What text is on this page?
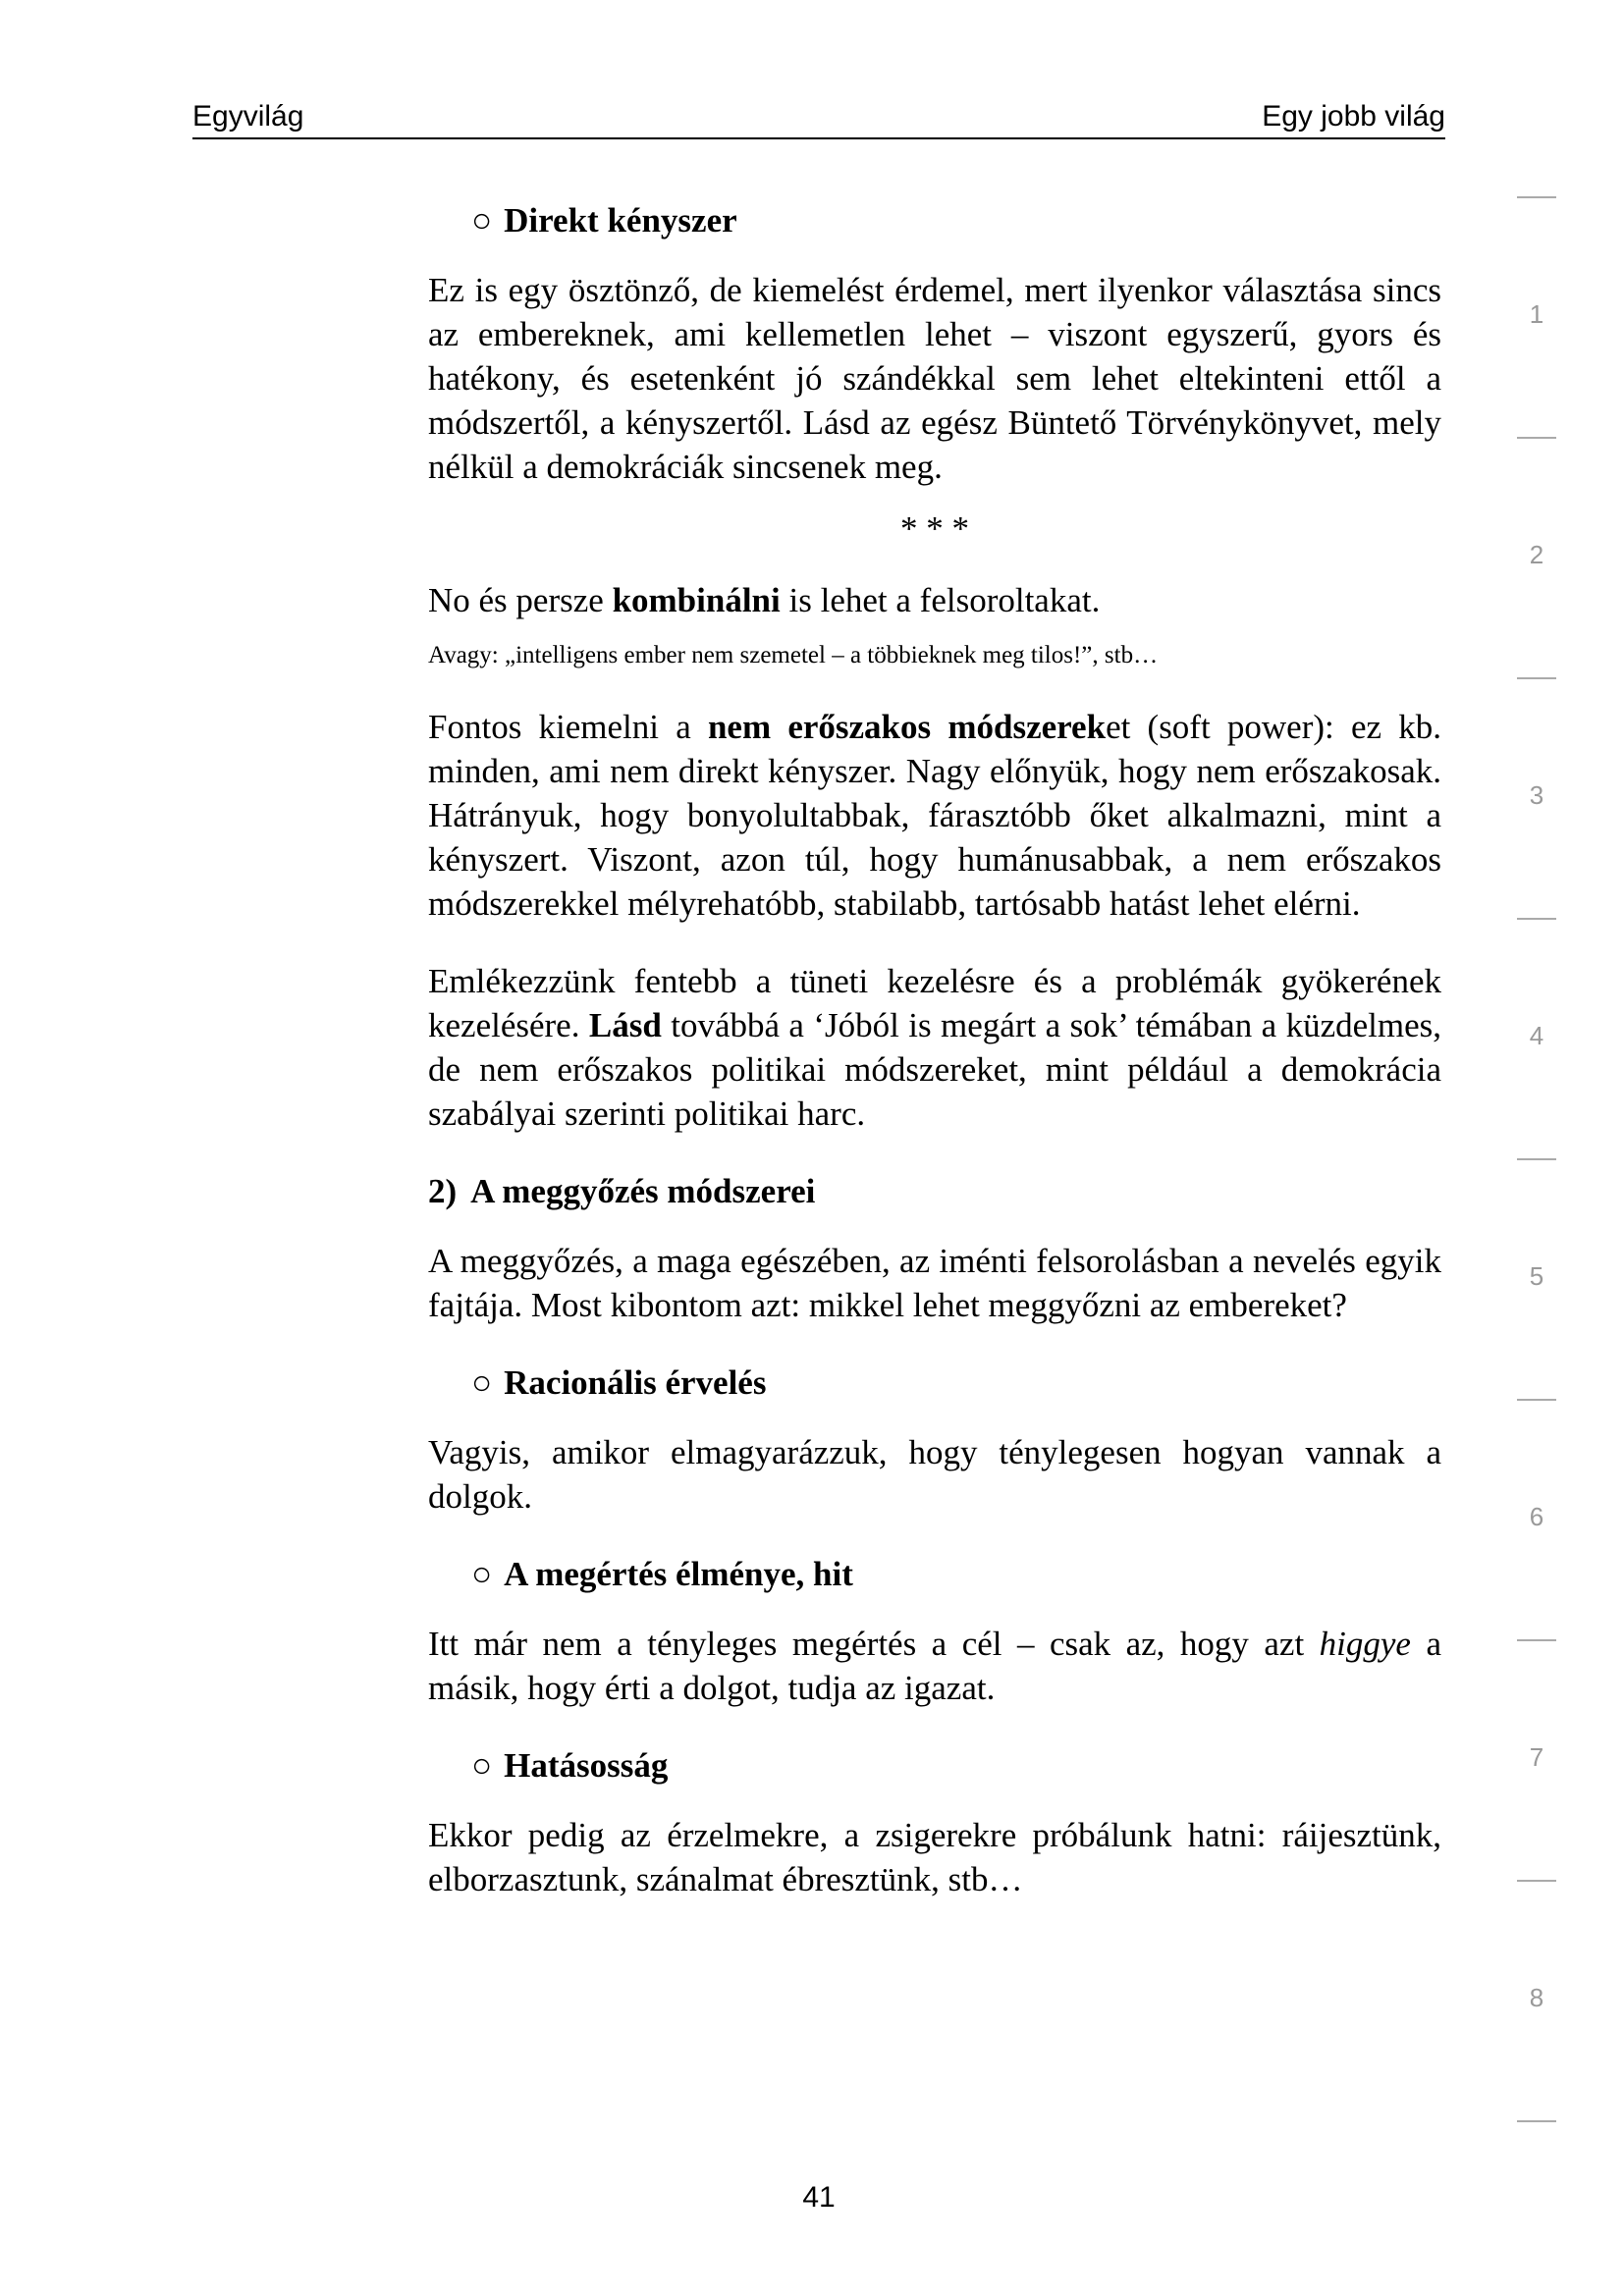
Egyvilág	Egy jobb világ
○ Direkt kényszer

Ez is egy ösztönző, de kiemelést érdemel, mert ilyenkor választása sincs az embereknek, ami kellemetlen lehet – viszont egyszerű, gyors és hatékony, és esetenként jó szándékkal sem lehet eltekinteni ettől a módszertől, a kényszertől. Lásd az egész Büntető Törvénykönyvet, mely nélkül a demokráciák sincsenek meg.

* * *

No és persze kombinálni is lehet a felsoroltakat.

Avagy: „intelligens ember nem szemetel – a többieknek meg tilos!”, stb…

Fontos kiemelni a nem erőszakos módszereket (soft power): ez kb. minden, ami nem direkt kényszer. Nagy előnyük, hogy nem erőszakosak. Hátrányuk, hogy bonyolultabbak, fárasztóbb őket alkalmazni, mint a kényszert. Viszont, azon túl, hogy humánusabbak, a nem erőszakos módszerekkel mélyrehatóbb, stabilabb, tartósabb hatást lehet elérni.

Emlékezzünk fentebb a tüneti kezelésre és a problémák gyökerének kezelésére. Lásd továbbá a ‘Jóból is megárt a sok’ témában a küzdelmes, de nem erőszakos politikai módszereket, mint például a demokrácia szabályai szerinti politikai harc.

2) A meggyőzés módszerei

A meggyőzés, a maga egészében, az iménti felsorolásban a nevelés egyik fajtája. Most kibontom azt: mikkel lehet meggyőzni az embereket?

○ Racionális érvelés

Vagyis, amikor elmagyarázzuk, hogy ténylegesen hogyan vannak a dolgok.

○ A megértés élménye, hit

Itt már nem a tényleges megértés a cél – csak az, hogy azt higgye a másik, hogy érti a dolgot, tudja az igazat.

○ Hatásosság

Ekkor pedig az érzelmekre, a zsigerekre próbálunk hatni: ráijesztünk, elborzasztunk, szánalmat ébresztünk, stb…

41
1
2
3
4
5
6
7
8
